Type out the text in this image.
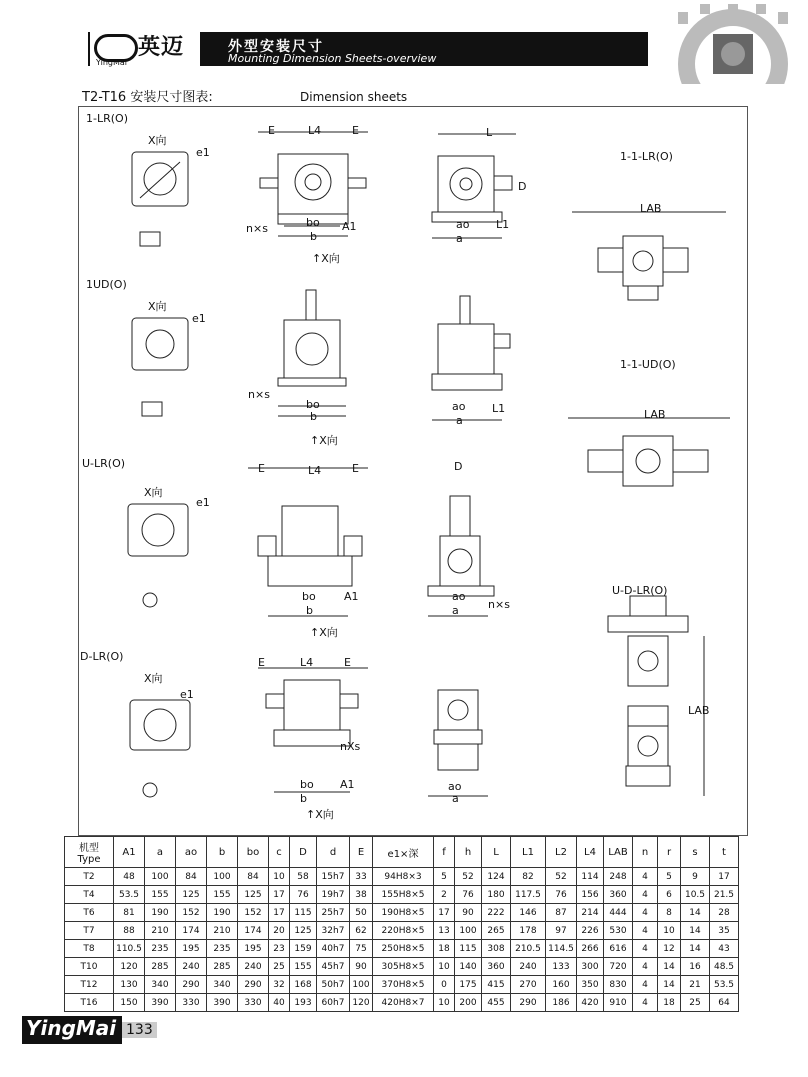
英迈
YingMai
外型安装尺寸
Mounting Dimension Sheets-overview
T2-T16 安装尺寸图表:	Dimension sheets
1-LR(O)
1-1-LR(O)
1UD(O)
1-1-UD(O)
U-LR(O)
U-D-LR(O)
D-LR(O)
X向
e1
E	L4	E	L
n×s	bo
b
A1	ao
a
L1
D
LAB
↑X向
X向
e1
n×s
bo
b
ao
a
L1	LAB
↑X向
X向
e1
E	L4	E	D
bo
b
A1	ao
a	n×s
↑X向
LAB
X向
e1
E	L4	E
nXs
bo
b
A1	ao
a
↑X向
机型
Type	A1	a	ao	b	bo	c	D	d	E	e1×深	f	h	L	L1	L2	L4	LAB	n	r	s	t
T2	48	100	84	100	84	10	58	15h7	33	94H8×3	5	52	124	82	52	114	248	4	5	9	17
T4	53.5	155	125	155	125	17	76	19h7	38	155H8×5	2	76	180	117.5	76	156	360	4	6	10.5	21.5
T6	81	190	152	190	152	17	115	25h7	50	190H8×5	17	90	222	146	87	214	444	4	8	14	28
T7	88	210	174	210	174	20	125	32h7	62	220H8×5	13	100	265	178	97	226	530	4	10	14	35
T8	110.5	235	195	235	195	23	159	40h7	75	250H8×5	18	115	308	210.5	114.5	266	616	4	12	14	43
T10	120	285	240	285	240	25	155	45h7	90	305H8×5	10	140	360	240	133	300	720	4	14	16	48.5
T12	130	340	290	340	290	32	168	50h7	100	370H8×5	0	175	415	270	160	350	830	4	14	21	53.5
T16	150	390	330	390	330	40	193	60h7	120	420H8×7	10	200	455	290	186	420	910	4	18	25	64
YingMai 133
